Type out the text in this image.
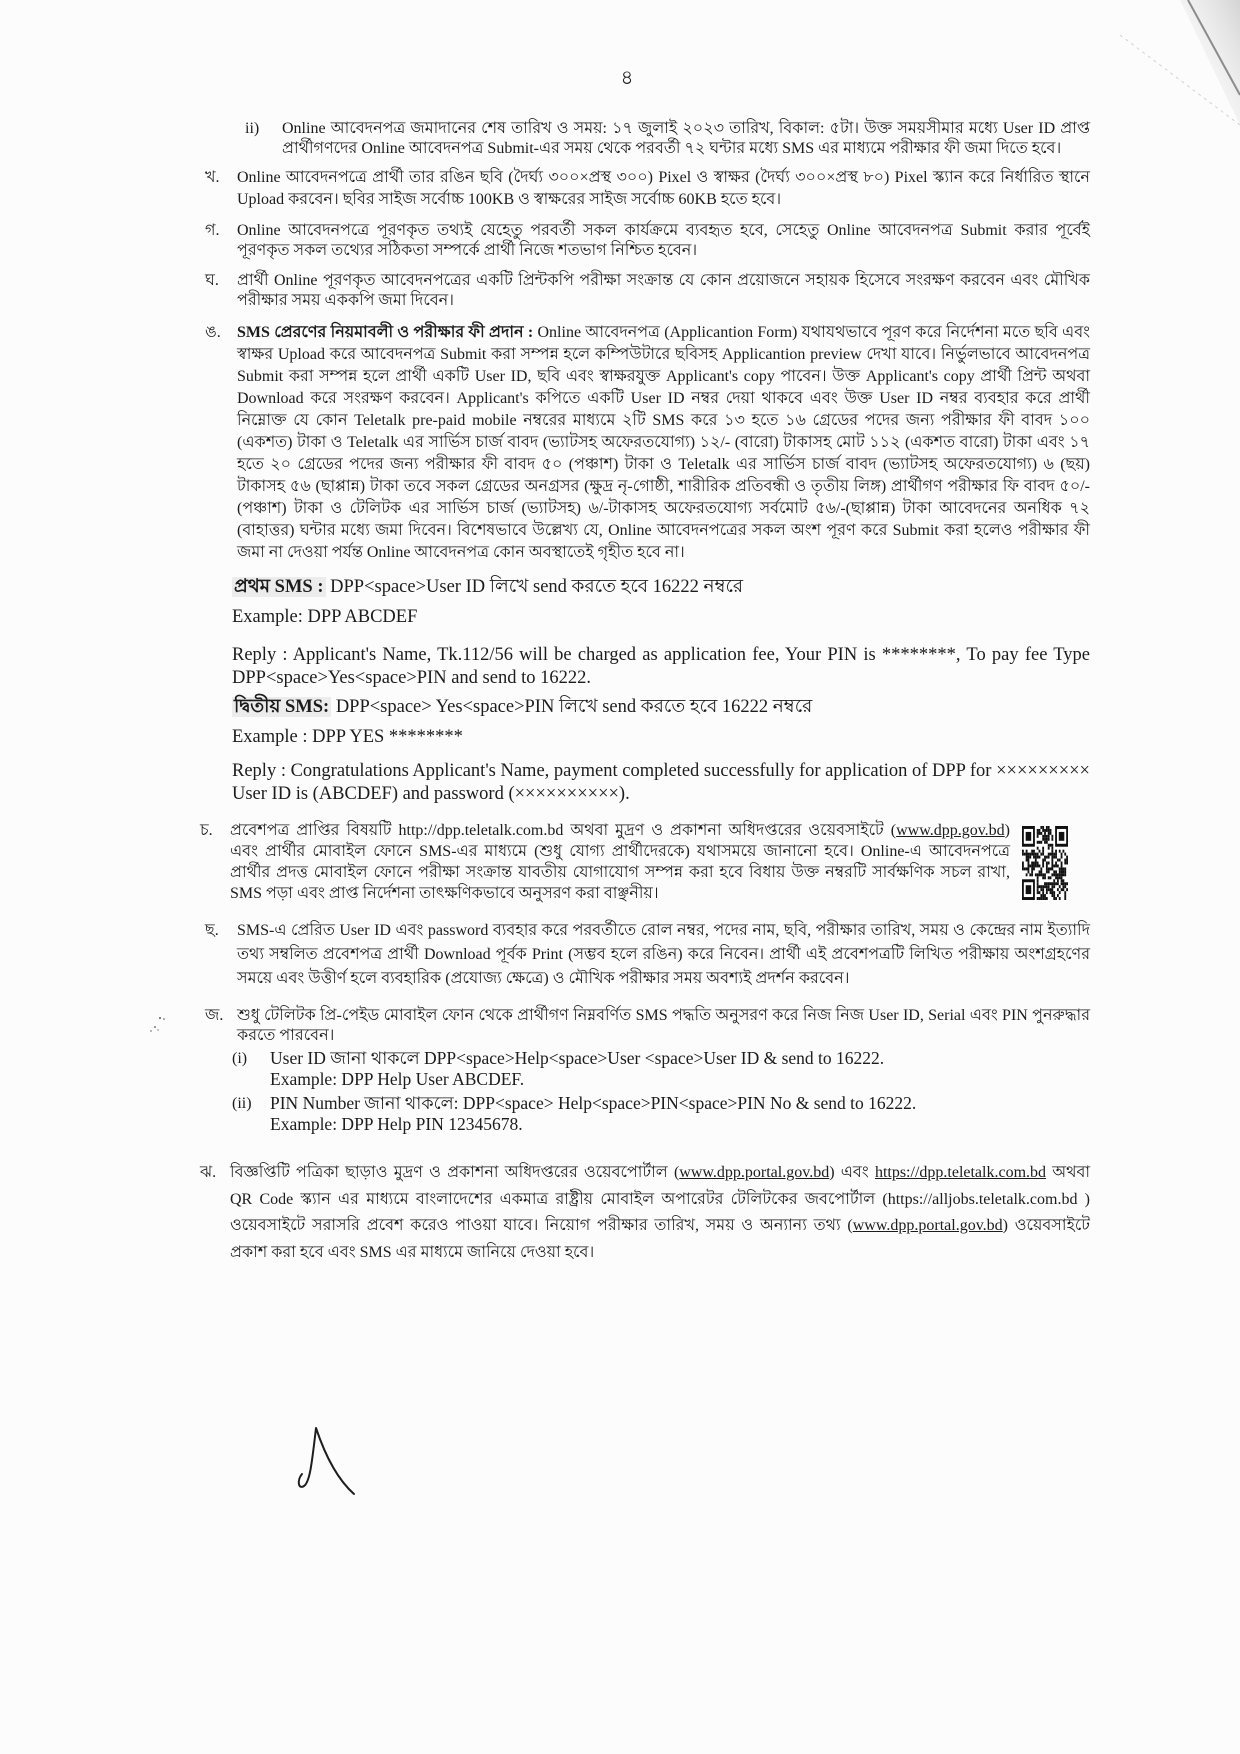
৪
ii) Online আবেদনপত্র জমাদানের শেষ তারিখ ও সময়: ১৭ জুলাই ২০২৩ তারিখ, বিকাল: ৫টা। উক্ত সময়সীমার মধ্যে User ID প্রাপ্ত প্রার্থীগণদের Online আবেদনপত্র Submit-এর সময় থেকে পরবর্তী ৭২ ঘন্টার মধ্যে SMS এর মাধ্যমে পরীক্ষার ফী জমা দিতে হবে।
খ. Online আবেদনপত্রে প্রার্থী তার রঙিন ছবি (দৈর্ঘ্য ৩০০×প্রস্থ ৩০০) Pixel ও স্বাক্ষর (দৈর্ঘ্য ৩০০×প্রস্থ ৮০) Pixel স্ক্যান করে নির্ধারিত স্থানে Upload করবেন। ছবির সাইজ সর্বোচ্চ 100KB ও স্বাক্ষরের সাইজ সর্বোচ্চ 60KB হতে হবে।
গ. Online আবেদনপত্রে পূরণকৃত তথ্যই যেহেতু পরবর্তী সকল কার্যক্রমে ব্যবহৃত হবে, সেহেতু Online আবেদনপত্র Submit করার পূর্বেই পূরণকৃত সকল তথ্যের সঠিকতা সম্পর্কে প্রার্থী নিজে শতভাগ নিশ্চিত হবেন।
ঘ. প্রার্থী Online পূরণকৃত আবেদনপত্রের একটি প্রিন্টকপি পরীক্ষা সংক্রান্ত যে কোন প্রয়োজনে সহায়ক হিসেবে সংরক্ষণ করবেন এবং মৌখিক পরীক্ষার সময় এককপি জমা দিবেন।
ঙ. SMS প্রেরণের নিয়মাবলী ও পরীক্ষার ফী প্রদান : Online আবেদনপত্র (Applicantion Form) যথাযথভাবে পূরণ করে নির্দেশনা মতে ছবি এবং স্বাক্ষর Upload করে আবেদনপত্র Submit করা সম্পন্ন হলে কম্পিউটারে ছবিসহ Applicantion preview দেখা যাবে। নির্ভুলভাবে আবেদনপত্র Submit করা সম্পন্ন হলে প্রার্থী একটি User ID, ছবি এবং স্বাক্ষরযুক্ত Applicant's copy পাবেন। উক্ত Applicant's copy প্রার্থী প্রিন্ট অথবা Download করে সংরক্ষণ করবেন। Applicant's কপিতে একটি User ID নম্বর দেয়া থাকবে এবং উক্ত User ID নম্বর ব্যবহার করে প্রার্থী নিম্নোক্ত যে কোন Teletalk pre-paid mobile নম্বরের মাধ্যমে ২টি SMS করে ১৩ হতে ১৬ গ্রেডের পদের জন্য পরীক্ষার ফী বাবদ ১০০ (একশত) টাকা ও Teletalk এর সার্ভিস চার্জ বাবদ (ভ্যাটসহ অফেরতযোগ্য) ১২/- (বারো) টাকাসহ মোট ১১২ (একশত বারো) টাকা এবং ১৭ হতে ২০ গ্রেডের পদের জন্য পরীক্ষার ফী বাবদ ৫০ (পঞ্চাশ) টাকা ও Teletalk এর সার্ভিস চার্জ বাবদ (ভ্যাটসহ অফেরতযোগ্য) ৬ (ছয়) টাকাসহ ৫৬ (ছাপ্পান্ন) টাকা তবে সকল গ্রেডের অনগ্রসর (ক্ষুদ্র নৃ-গোষ্ঠী, শারীরিক প্রতিবন্ধী ও তৃতীয় লিঙ্গ) প্রার্থীগণ পরীক্ষার ফি বাবদ ৫০/-(পঞ্চাশ) টাকা ও টেলিটক এর সার্ভিস চার্জ (ভ্যাটসহ) ৬/-টাকাসহ অফেরতযোগ্য সর্বমোট ৫৬/-(ছাপ্পান্ন) টাকা আবেদনের অনধিক ৭২ (বাহাত্তর) ঘন্টার মধ্যে জমা দিবেন। বিশেষভাবে উল্লেখ্য যে, Online আবেদনপত্রের সকল অংশ পূরণ করে Submit করা হলেও পরীক্ষার ফী জমা না দেওয়া পর্যন্ত Online আবেদনপত্র কোন অবস্থাতেই গৃহীত হবে না।

প্রথম SMS : DPP<space>User ID লিখে send করতে হবে 16222 নম্বরে

Example: DPP ABCDEF

Reply : Applicant's Name, Tk.112/56 will be charged as application fee, Your PIN is ********, To pay fee Type DPP<space>Yes<space>PIN and send to 16222.

দ্বিতীয় SMS: DPP<space> Yes<space>PIN লিখে send করতে হবে 16222 নম্বরে

Example : DPP YES ********

Reply : Congratulations Applicant's Name, payment completed successfully for application of DPP for ××××××××× User ID is (ABCDEF) and password (××××××××××).

চ. প্রবেশপত্র প্রাপ্তির বিষয়টি http://dpp.teletalk.com.bd অথবা মুদ্রণ ও প্রকাশনা অধিদপ্তরের ওয়েবসাইটে (www.dpp.gov.bd) এবং প্রার্থীর মোবাইল ফোনে SMS-এর মাধ্যমে (শুধু যোগ্য প্রার্থীদেরকে) যথাসময়ে জানানো হবে। Online-এ আবেদনপত্রে প্রার্থীর প্রদত্ত মোবাইল ফোনে পরীক্ষা সংক্রান্ত যাবতীয় যোগাযোগ সম্পন্ন করা হবে বিধায় উক্ত নম্বরটি সার্বক্ষণিক সচল রাখা, SMS পড়া এবং প্রাপ্ত নির্দেশনা তাৎক্ষণিকভাবে অনুসরণ করা বাঞ্ছনীয়।
ছ. SMS-এ প্রেরিত User ID এবং password ব্যবহার করে পরবর্তীতে রোল নম্বর, পদের নাম, ছবি, পরীক্ষার তারিখ, সময় ও কেন্দ্রের নাম ইত্যাদি তথ্য সম্বলিত প্রবেশপত্র প্রার্থী Download পূর্বক Print (সম্ভব হলে রঙিন) করে নিবেন। প্রার্থী এই প্রবেশপত্রটি লিখিত পরীক্ষায় অংশগ্রহণের সময়ে এবং উত্তীর্ণ হলে ব্যবহারিক (প্রযোজ্য ক্ষেত্রে) ও মৌখিক পরীক্ষার সময় অবশ্যই প্রদর্শন করবেন।
জ. শুধু টেলিটক প্রি-পেইড মোবাইল ফোন থেকে প্রার্থীগণ নিম্নবর্ণিত SMS পদ্ধতি অনুসরণ করে নিজ নিজ User ID, Serial এবং PIN পুনরুদ্ধার করতে পারবেন।
(i) User ID জানা থাকলে DPP<space>Help<space>User <space>User ID & send to 16222.
Example: DPP Help User ABCDEF.
(ii) PIN Number জানা থাকলে: DPP<space> Help<space>PIN<space>PIN No & send to 16222.
Example: DPP Help PIN 12345678.
ঝ. বিজ্ঞপ্তিটি পত্রিকা ছাড়াও মুদ্রণ ও প্রকাশনা অধিদপ্তরের ওয়েবপোর্টাল (www.dpp.portal.gov.bd) এবং https://dpp.teletalk.com.bd অথবা QR Code স্ক্যান এর মাধ্যমে বাংলাদেশের একমাত্র রাষ্ট্রীয় মোবাইল অপারেটর টেলিটকের জবপোর্টাল (https://alljobs.teletalk.com.bd ) ওয়েবসাইটে সরাসরি প্রবেশ করেও পাওয়া যাবে। নিয়োগ পরীক্ষার তারিখ, সময় ও অন্যান্য তথ্য (www.dpp.portal.gov.bd) ওয়েবসাইটে প্রকাশ করা হবে এবং SMS এর মাধ্যমে জানিয়ে দেওয়া হবে।
